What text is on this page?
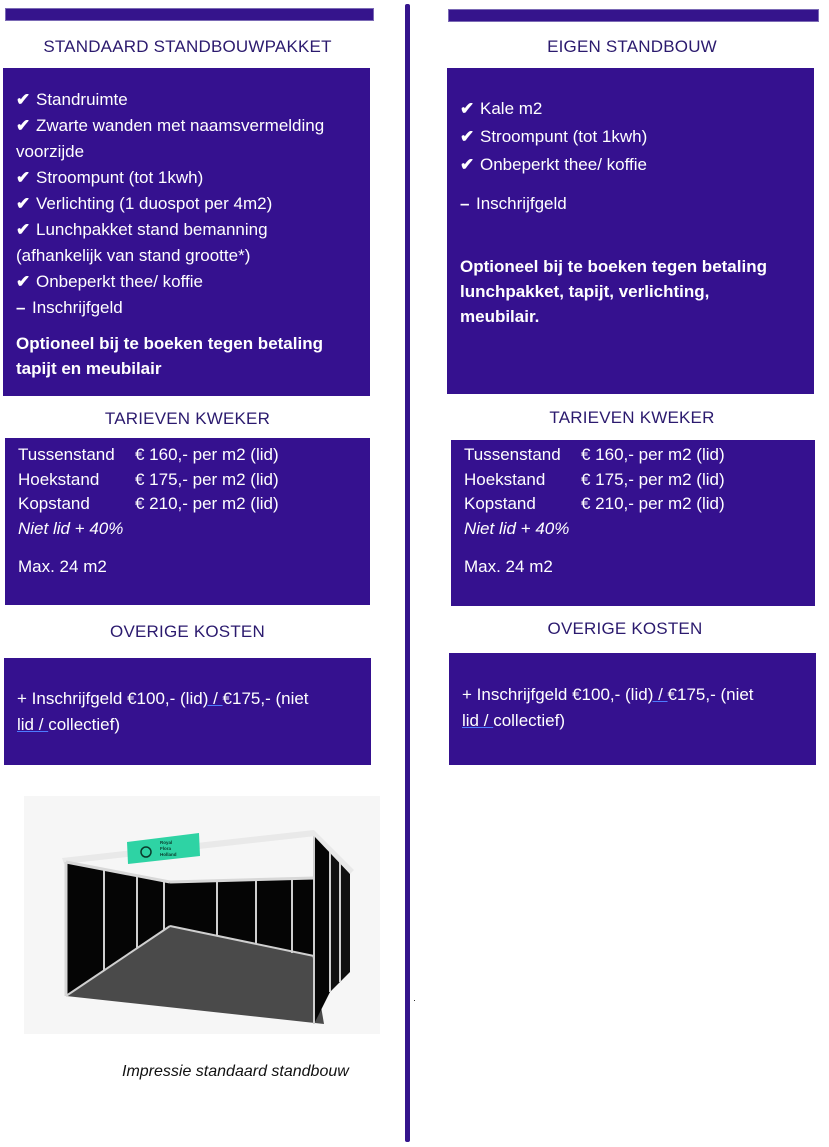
STANDAARD STANDBOUWPAKKET
✔ Standruimte
✔ Zwarte wanden met naamsvermelding
voorzijde
✔ Stroompunt (tot 1kwh)
✔ Verlichting (1 duospot per 4m2)
✔ Lunchpakket stand bemanning
(afhankelijk van stand grootte*)
✔ Onbeperkt thee/ koffie
– Inschrijfgeld
Optioneel bij te boeken tegen betaling
tapijt en meubilair
TARIEVEN KWEKER
Tussenstand	€ 160,- per m2 (lid)
Hoekstand	€ 175,- per m2 (lid)
Kopstand	€ 210,- per m2 (lid)
Niet lid + 40%
Max. 24 m2
OVERIGE KOSTEN
+ Inschrijfgeld €100,- (lid) / €175,- (niet
lid / collectief)
Royal
Flora
Holland
Impressie standaard standbouw
EIGEN STANDBOUW
✔ Kale m2
✔ Stroompunt (tot 1kwh)
✔ Onbeperkt thee/ koffie
– Inschrijfgeld
Optioneel bij te boeken tegen betaling
lunchpakket, tapijt, verlichting,
meubilair.
TARIEVEN KWEKER
Tussenstand	€ 160,- per m2 (lid)
Hoekstand	€ 175,- per m2 (lid)
Kopstand	€ 210,- per m2 (lid)
Niet lid + 40%
Max. 24 m2
OVERIGE KOSTEN
+ Inschrijfgeld €100,- (lid) / €175,- (niet
lid / collectief)
